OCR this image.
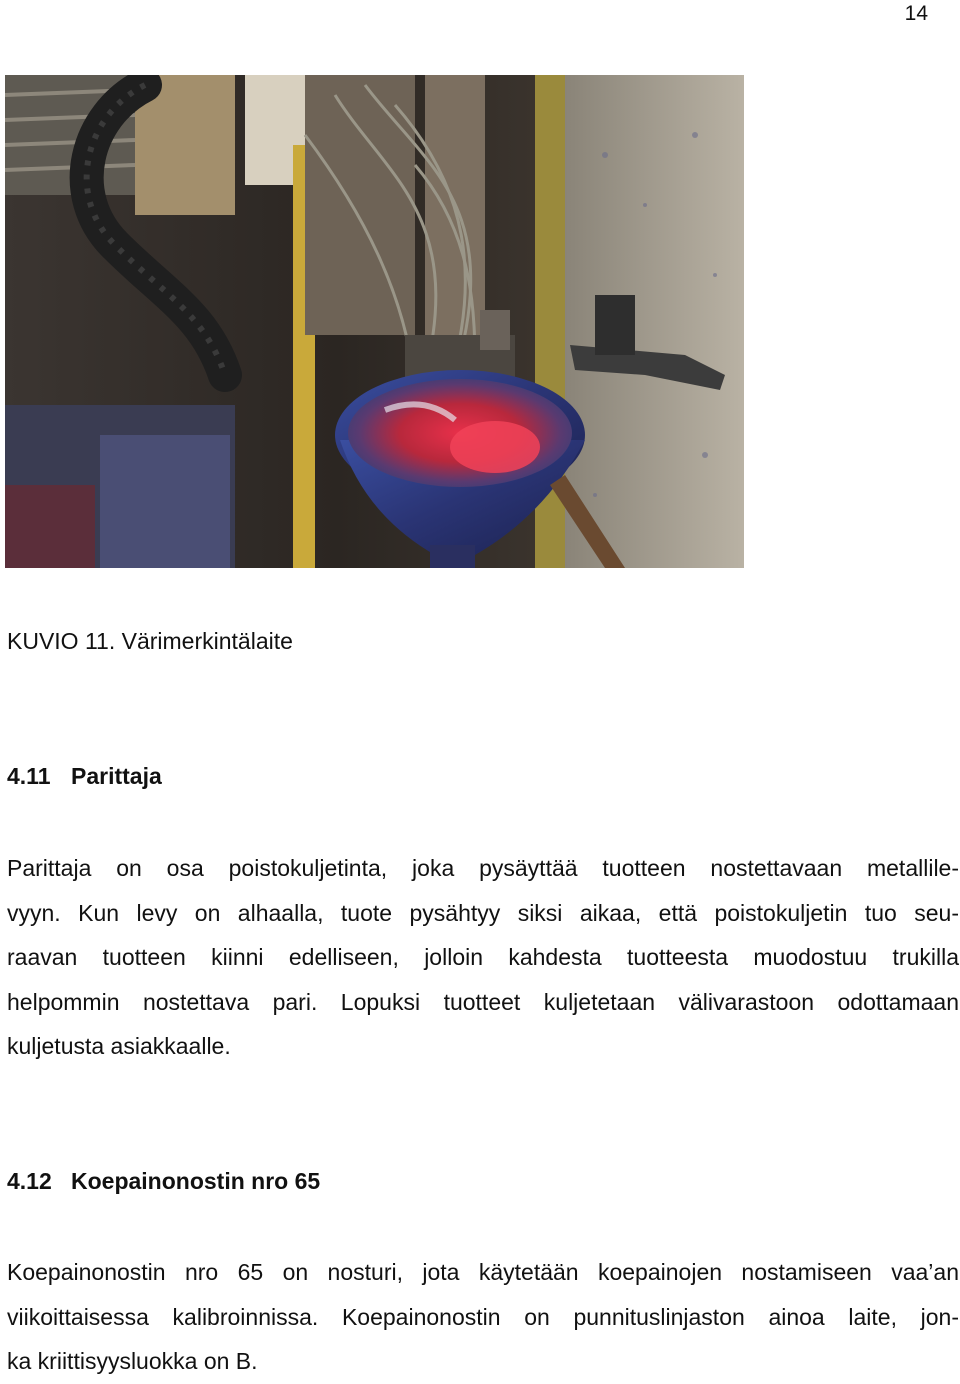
14
KUVIO 11. Värimerkintälaite
4.11 Parittaja
Parittaja on osa poistokuljetinta, joka pysäyttää tuotteen nostettavaan metallile-
vyyn. Kun levy on alhaalla, tuote pysähtyy siksi aikaa, että poistokuljetin tuo seu-
raavan tuotteen kiinni edelliseen, jolloin kahdesta tuotteesta muodostuu trukilla
helpommin nostettava pari. Lopuksi tuotteet kuljetetaan välivarastoon odottamaan
kuljetusta asiakkaalle.
4.12 Koepainonostin nro 65
Koepainonostin nro 65 on nosturi, jota käytetään koepainojen nostamiseen vaa’an
viikoittaisessa kalibroinnissa. Koepainonostin on punnituslinjaston ainoa laite, jon-
ka kriittisyysluokka on B.
